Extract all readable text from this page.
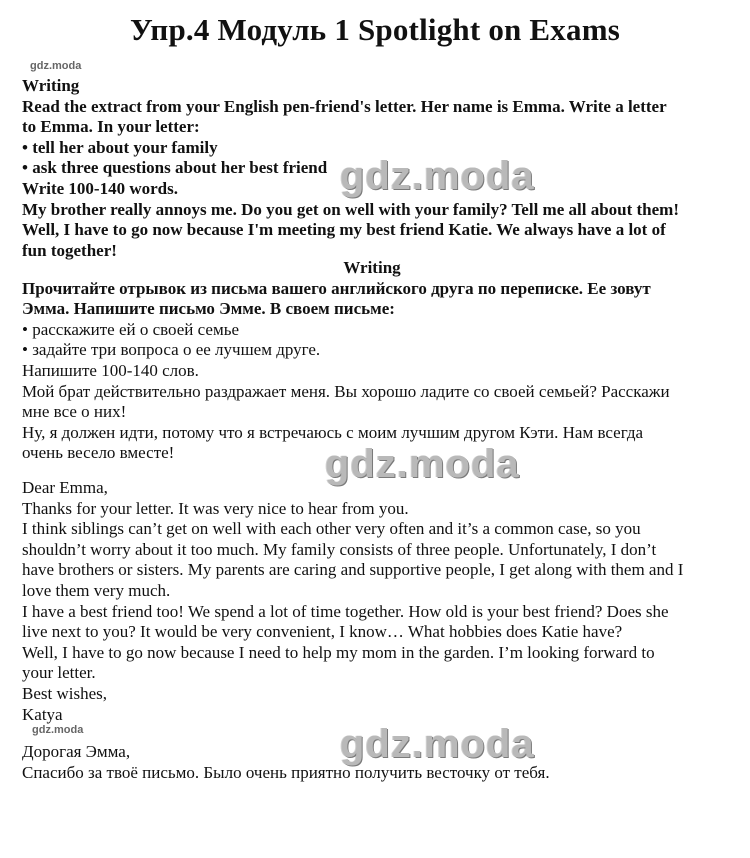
Упр.4 Модуль 1 Spotlight on Exams
gdz.moda
Writing
Read the extract from your English pen-friend's letter. Her name is Emma. Write a letter
to Emma. In your letter:
• tell her about your family
• ask three questions about her best friend
Write 100-140 words.
My brother really annoys me. Do you get on well with your family? Tell me all about them!
Well, I have to go now because I'm meeting my best friend Katie. We always have a lot of
fun together!
gdz.moda
Writing
Прочитайте отрывок из письма вашего английского друга по переписке. Ее зовут
Эмма. Напишите письмо Эмме. В своем письме:
• расскажите ей о своей семье
• задайте три вопроса о ее лучшем друге.
Напишите 100-140 слов.
Мой брат действительно раздражает меня. Вы хорошо ладите со своей семьей? Расскажи
мне все о них!
Ну, я должен идти, потому что я встречаюсь с моим лучшим другом Кэти. Нам всегда
очень весело вместе!	gdz.moda
Dear Emma,
Thanks for your letter. It was very nice to hear from you.
I think siblings can’t get on well with each other very often and it’s a common case, so you
shouldn’t worry about it too much. My family consists of three people. Unfortunately, I don’t
have brothers or sisters. My parents are caring and supportive people, I get along with them and I
love them very much.
I have a best friend too! We spend a lot of time together. How old is your best friend? Does she
live next to you? It would be very convenient, I know… What hobbies does Katie have?
Well, I have to go now because I need to help my mom in the garden. I’m looking forward to
your letter.
Best wishes,
Katya
gdz.moda	gdz.moda
Дорогая Эмма,
Спасибо за твоё письмо. Было очень приятно получить весточку от тебя.
